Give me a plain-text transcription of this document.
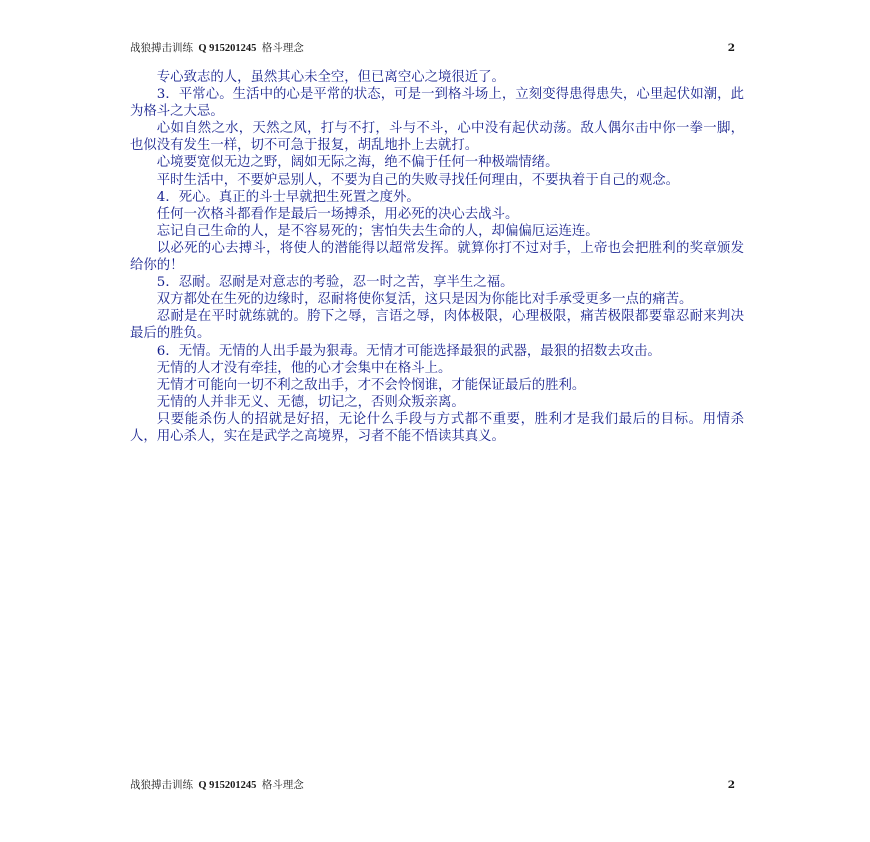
战狼搏击训练 Q 915201245 格斗理念	2

专心致志的人，虽然其心未全空，但已离空心之境很近了。

3．平常心。生活中的心是平常的状态，可是一到格斗场上，立刻变得患得患失，心里起伏如潮，此为格斗之大忌。

心如自然之水，天然之风，打与不打，斗与不斗，心中没有起伏动荡。敌人偶尔击中你一拳一脚，也似没有发生一样，切不可急于报复，胡乱地扑上去就打。

心境要宽似无边之野，阔如无际之海，绝不偏于任何一种极端情绪。

平时生活中，不要妒忌别人，不要为自己的失败寻找任何理由，不要执着于自己的观念。

4．死心。真正的斗士早就把生死置之度外。

任何一次格斗都看作是最后一场搏杀，用必死的决心去战斗。

忘记自己生命的人，是不容易死的；害怕失去生命的人，却偏偏厄运连连。

以必死的心去搏斗，将使人的潜能得以超常发挥。就算你打不过对手，上帝也会把胜利的奖章颁发给你的！

5．忍耐。忍耐是对意志的考验，忍一时之苦，享半生之福。

双方都处在生死的边缘时，忍耐将使你复活，这只是因为你能比对手承受更多一点的痛苦。

忍耐是在平时就练就的。胯下之辱，言语之辱，肉体极限，心理极限，痛苦极限都要靠忍耐来判决最后的胜负。

6．无情。无情的人出手最为狠毒。无情才可能选择最狠的武器，最狠的招数去攻击。

无情的人才没有牵挂，他的心才会集中在格斗上。

无情才可能向一切不利之敌出手，才不会怜悯谁，才能保证最后的胜利。

无情的人并非无义、无德，切记之，否则众叛亲离。

只要能杀伤人的招就是好招，无论什么手段与方式都不重要，胜利才是我们最后的目标。用情杀人，用心杀人，实在是武学之高境界，习者不能不悟读其真义。

战狼搏击训练 Q 915201245 格斗理念	2
